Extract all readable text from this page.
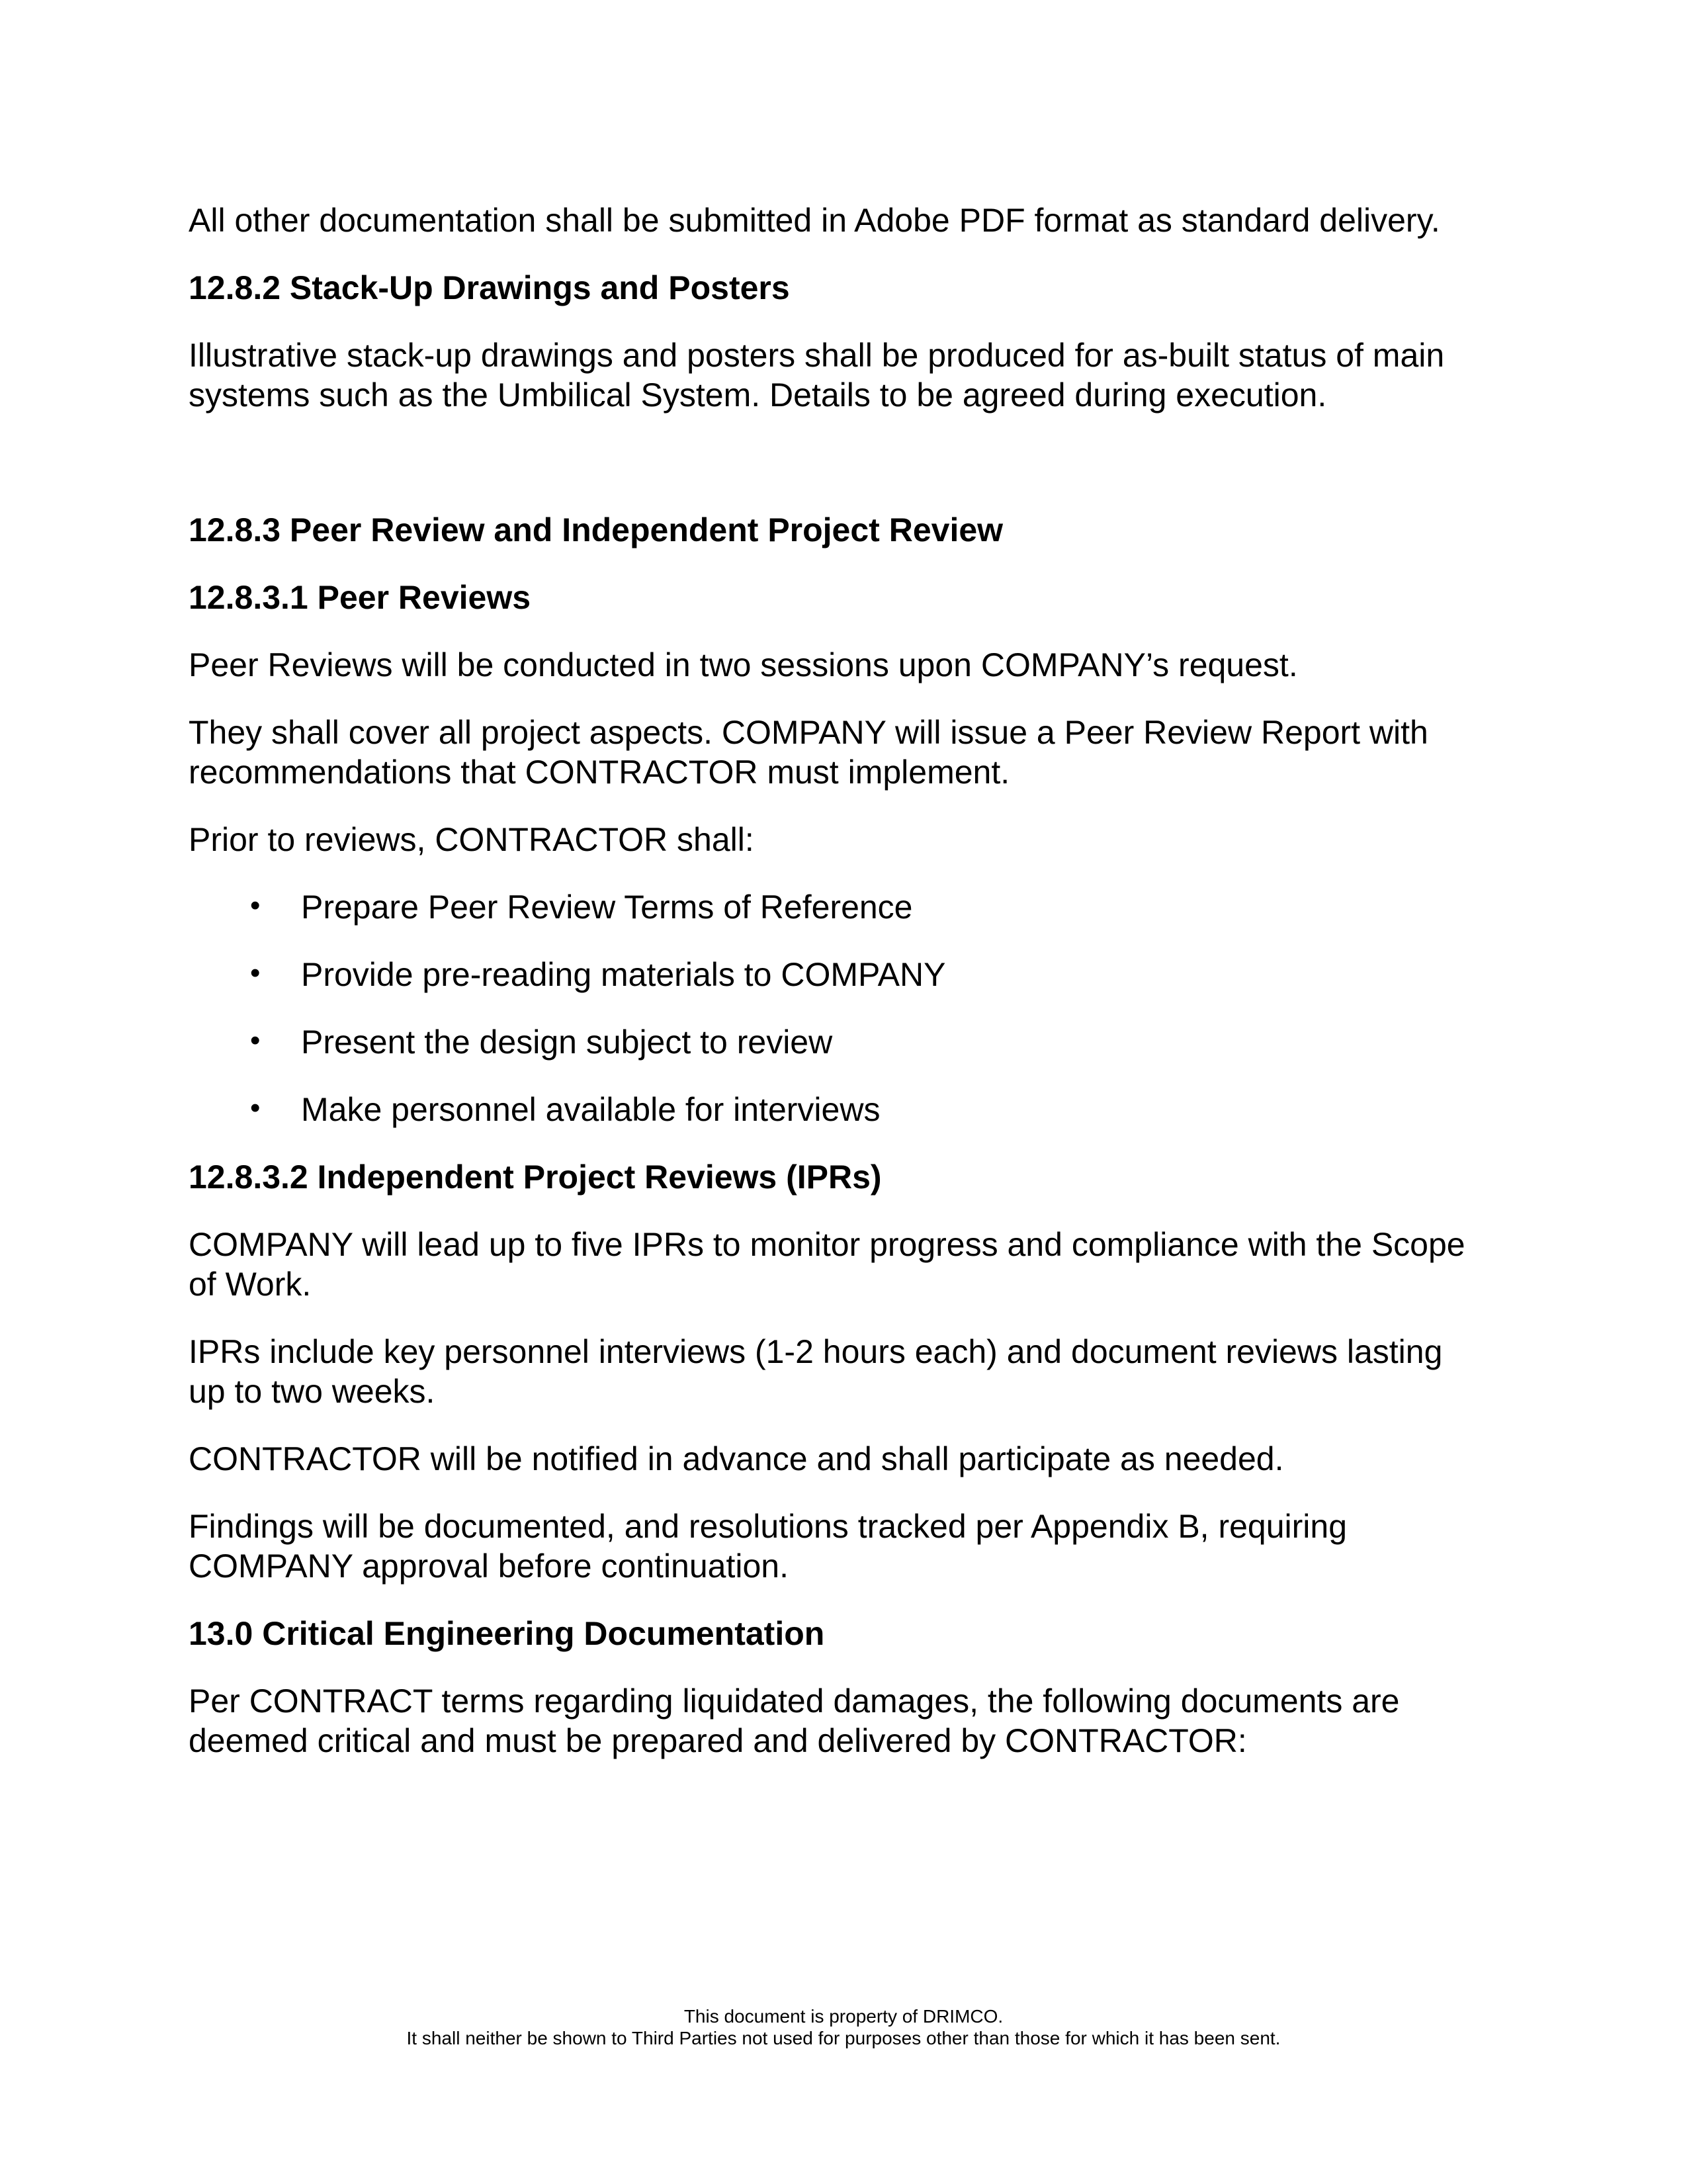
All other documentation shall be submitted in Adobe PDF format as standard delivery.
12.8.2 Stack-Up Drawings and Posters
Illustrative stack-up drawings and posters shall be produced for as-built status of main
systems such as the Umbilical System. Details to be agreed during execution.
12.8.3 Peer Review and Independent Project Review
12.8.3.1 Peer Reviews
Peer Reviews will be conducted in two sessions upon COMPANY’s request.
They shall cover all project aspects. COMPANY will issue a Peer Review Report with
recommendations that CONTRACTOR must implement.
Prior to reviews, CONTRACTOR shall:
• Prepare Peer Review Terms of Reference
• Provide pre-reading materials to COMPANY
• Present the design subject to review
• Make personnel available for interviews
12.8.3.2 Independent Project Reviews (IPRs)
COMPANY will lead up to five IPRs to monitor progress and compliance with the Scope
of Work.
IPRs include key personnel interviews (1-2 hours each) and document reviews lasting
up to two weeks.
CONTRACTOR will be notified in advance and shall participate as needed.
Findings will be documented, and resolutions tracked per Appendix B, requiring
COMPANY approval before continuation.
13.0 Critical Engineering Documentation
Per CONTRACT terms regarding liquidated damages, the following documents are
deemed critical and must be prepared and delivered by CONTRACTOR:
This document is property of DRIMCO.
It shall neither be shown to Third Parties not used for purposes other than those for which it has been sent.
